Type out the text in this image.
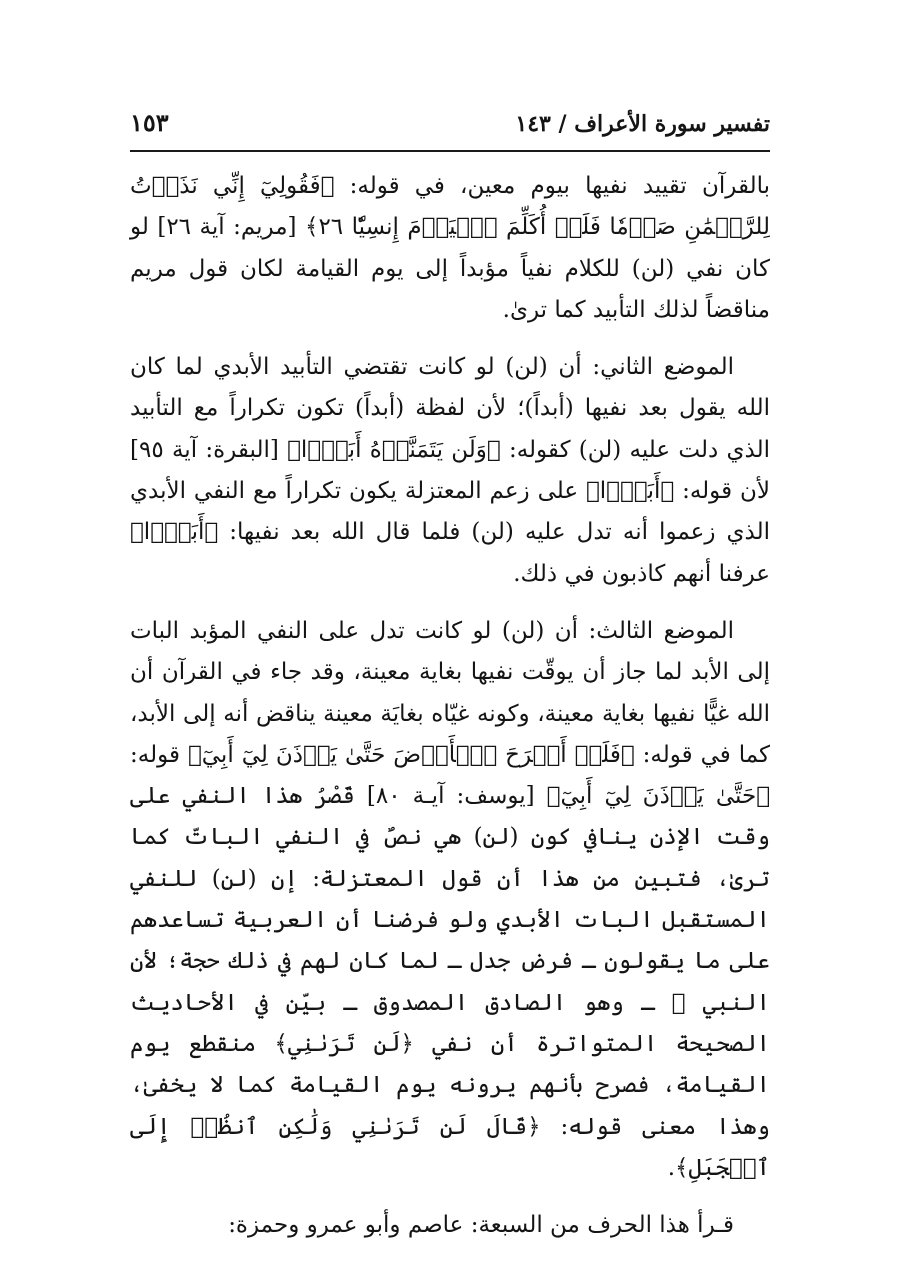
تفسير سورة الأعراف / ١٤٣
١٥٣

بالقرآن تقييد نفيها بيوم معين، في قوله: ﴿فَقُولِيٓ إِنِّي نَذَرۡتُ لِلرَّحۡمَٰنِ صَوۡمٗا فَلَنۡ أُكَلِّمَ ٱلۡيَوۡمَ إِنسِيّٗا ٢٦﴾ [مريم: آية ٢٦] لو كان نفي (لن) للكلام نفياً مؤبداً إلى يوم القيامة لكان قول مريم مناقضاً لذلك التأبيد كما ترىٰ.

الموضع الثاني: أن (لن) لو كانت تقتضي التأبيد الأبدي لما كان الله يقول بعد نفيها (أبداً)؛ لأن لفظة (أبداً) تكون تكراراً مع التأبيد الذي دلت عليه (لن) كقوله: ﴿وَلَن يَتَمَنَّوۡهُ أَبَدَۢا﴾ [البقرة: آية ٩٥] لأن قوله: ﴿أَبَدَۢا﴾ على زعم المعتزلة يكون تكراراً مع النفي الأبدي الذي زعموا أنه تدل عليه (لن) فلما قال الله بعد نفيها: ﴿أَبَدَۢا﴾ عرفنا أنهم كاذبون في ذلك.

الموضع الثالث: أن (لن) لو كانت تدل على النفي المؤبد البات إلى الأبد لما جاز أن يوقّت نفيها بغاية معينة، وقد جاء في القرآن أن الله غيًّا نفيها بغاية معينة، وكونه غيّاه بغايَة معينة يناقض أنه إلى الأبد، كما في قوله: ﴿فَلَنۡ أَبۡرَحَ ٱلۡأَرۡضَ حَتَّىٰ يَأۡذَنَ لِيٓ أَبِيٓ﴾ قوله: ﴿حَتَّىٰ يَأۡذَنَ لِيٓ أَبِيٓ﴾ [يوسف: آيـة ٨٠] قَصْرُ هذا النفي على وقت الإذن ينافي كون (لن) هي نصٌ في النفي الباتّ كما ترىٰ، فتبين من هذا أن قول المعتزلة: إن (لن) للنفي المستقبل البات الأبدي ولو فرضنا أن العربية تساعدهم على ما يقولون ـ فرض جدل ـ لما كان لهم في ذلك حجة؛ لأن النبي ﷺ ـ وهو الصادق المصدوق ـ بيّن في الأحاديث الصحيحة المتواترة أن نفي ﴿لَن تَرَىٰنِي﴾ منقطع يوم القيامة، فصرح بأنهم يرونه يوم القيامة كما لا يخفىٰ، وهذا معنى قوله: ﴿قَالَ لَن تَرَىٰنِي وَلَٰكِنِ ٱنظُرۡ إِلَى ٱلۡجَبَلِ﴾.

قـرأ هذا الحرف من السبعة: عاصم وأبو عمرو وحمزة:
